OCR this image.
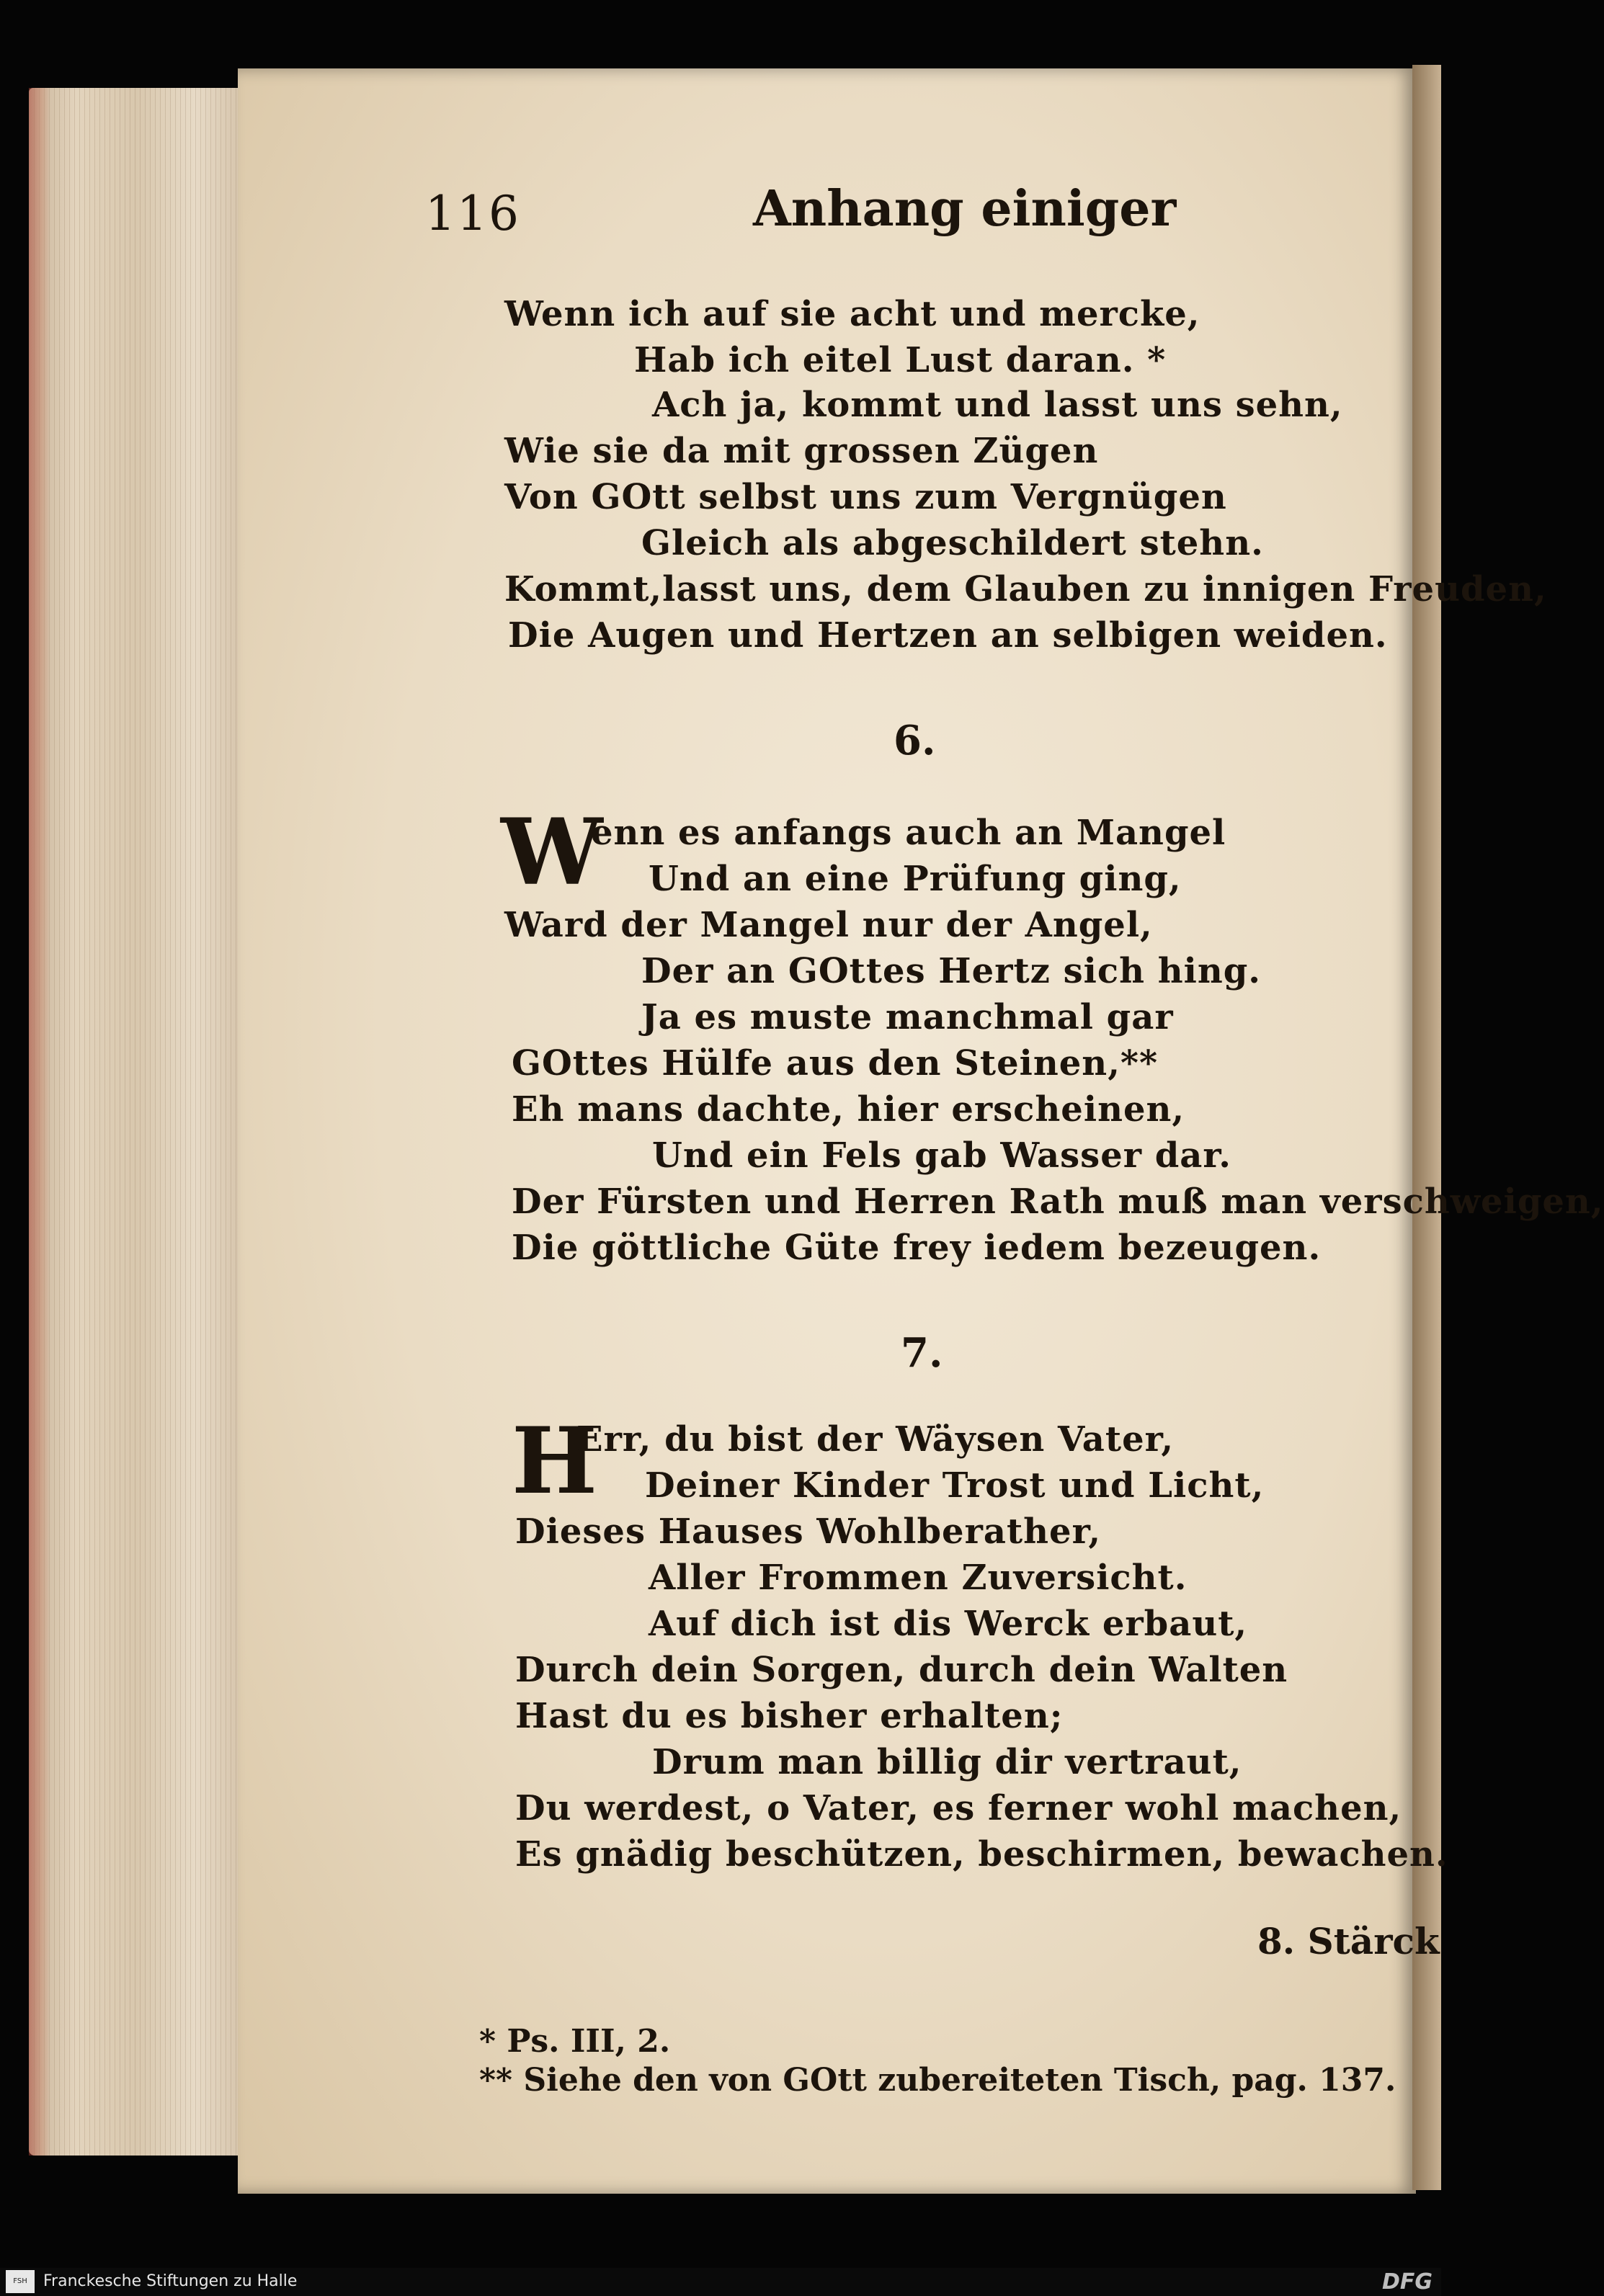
116	Anhang einiger
Wenn ich auf sie acht und mercke,
Hab ich eitel Lust daran. *
Ach ja, kommt und lasst uns sehn,
Wie sie da mit grossen Zügen
Von GOtt selbst uns zum Vergnügen
Gleich als abgeschildert stehn.
Kommt,lasst uns, dem Glauben zu innigen Freuden,
Die Augen und Hertzen an selbigen weiden.
6.
W
enn es anfangs auch an Mangel
Und an eine Prüfung ging,
Ward der Mangel nur der Angel,
Der an GOttes Hertz sich hing.
Ja es muste manchmal gar
GOttes Hülfe aus den Steinen,**
Eh mans dachte, hier erscheinen,
Und ein Fels gab Wasser dar.
Der Fürsten und Herren Rath muß man verschweigen,
Die göttliche Güte frey iedem bezeugen.
7.
H
Err, du bist der Wäysen Vater,
Deiner Kinder Trost und Licht,
Dieses Hauses Wohlberather,
Aller Frommen Zuversicht.
Auf dich ist dis Werck erbaut,
Durch dein Sorgen, durch dein Walten
Hast du es bisher erhalten;
Drum man billig dir vertraut,
Du werdest, o Vater, es ferner wohl machen,
Es gnädig beschützen, beschirmen, bewachen.
8. Stärck
* Ps. III, 2.
** Siehe den von GOtt zubereiteten Tisch, pag. 137.
FSH	Franckesche Stiftungen zu Halle	DFG
